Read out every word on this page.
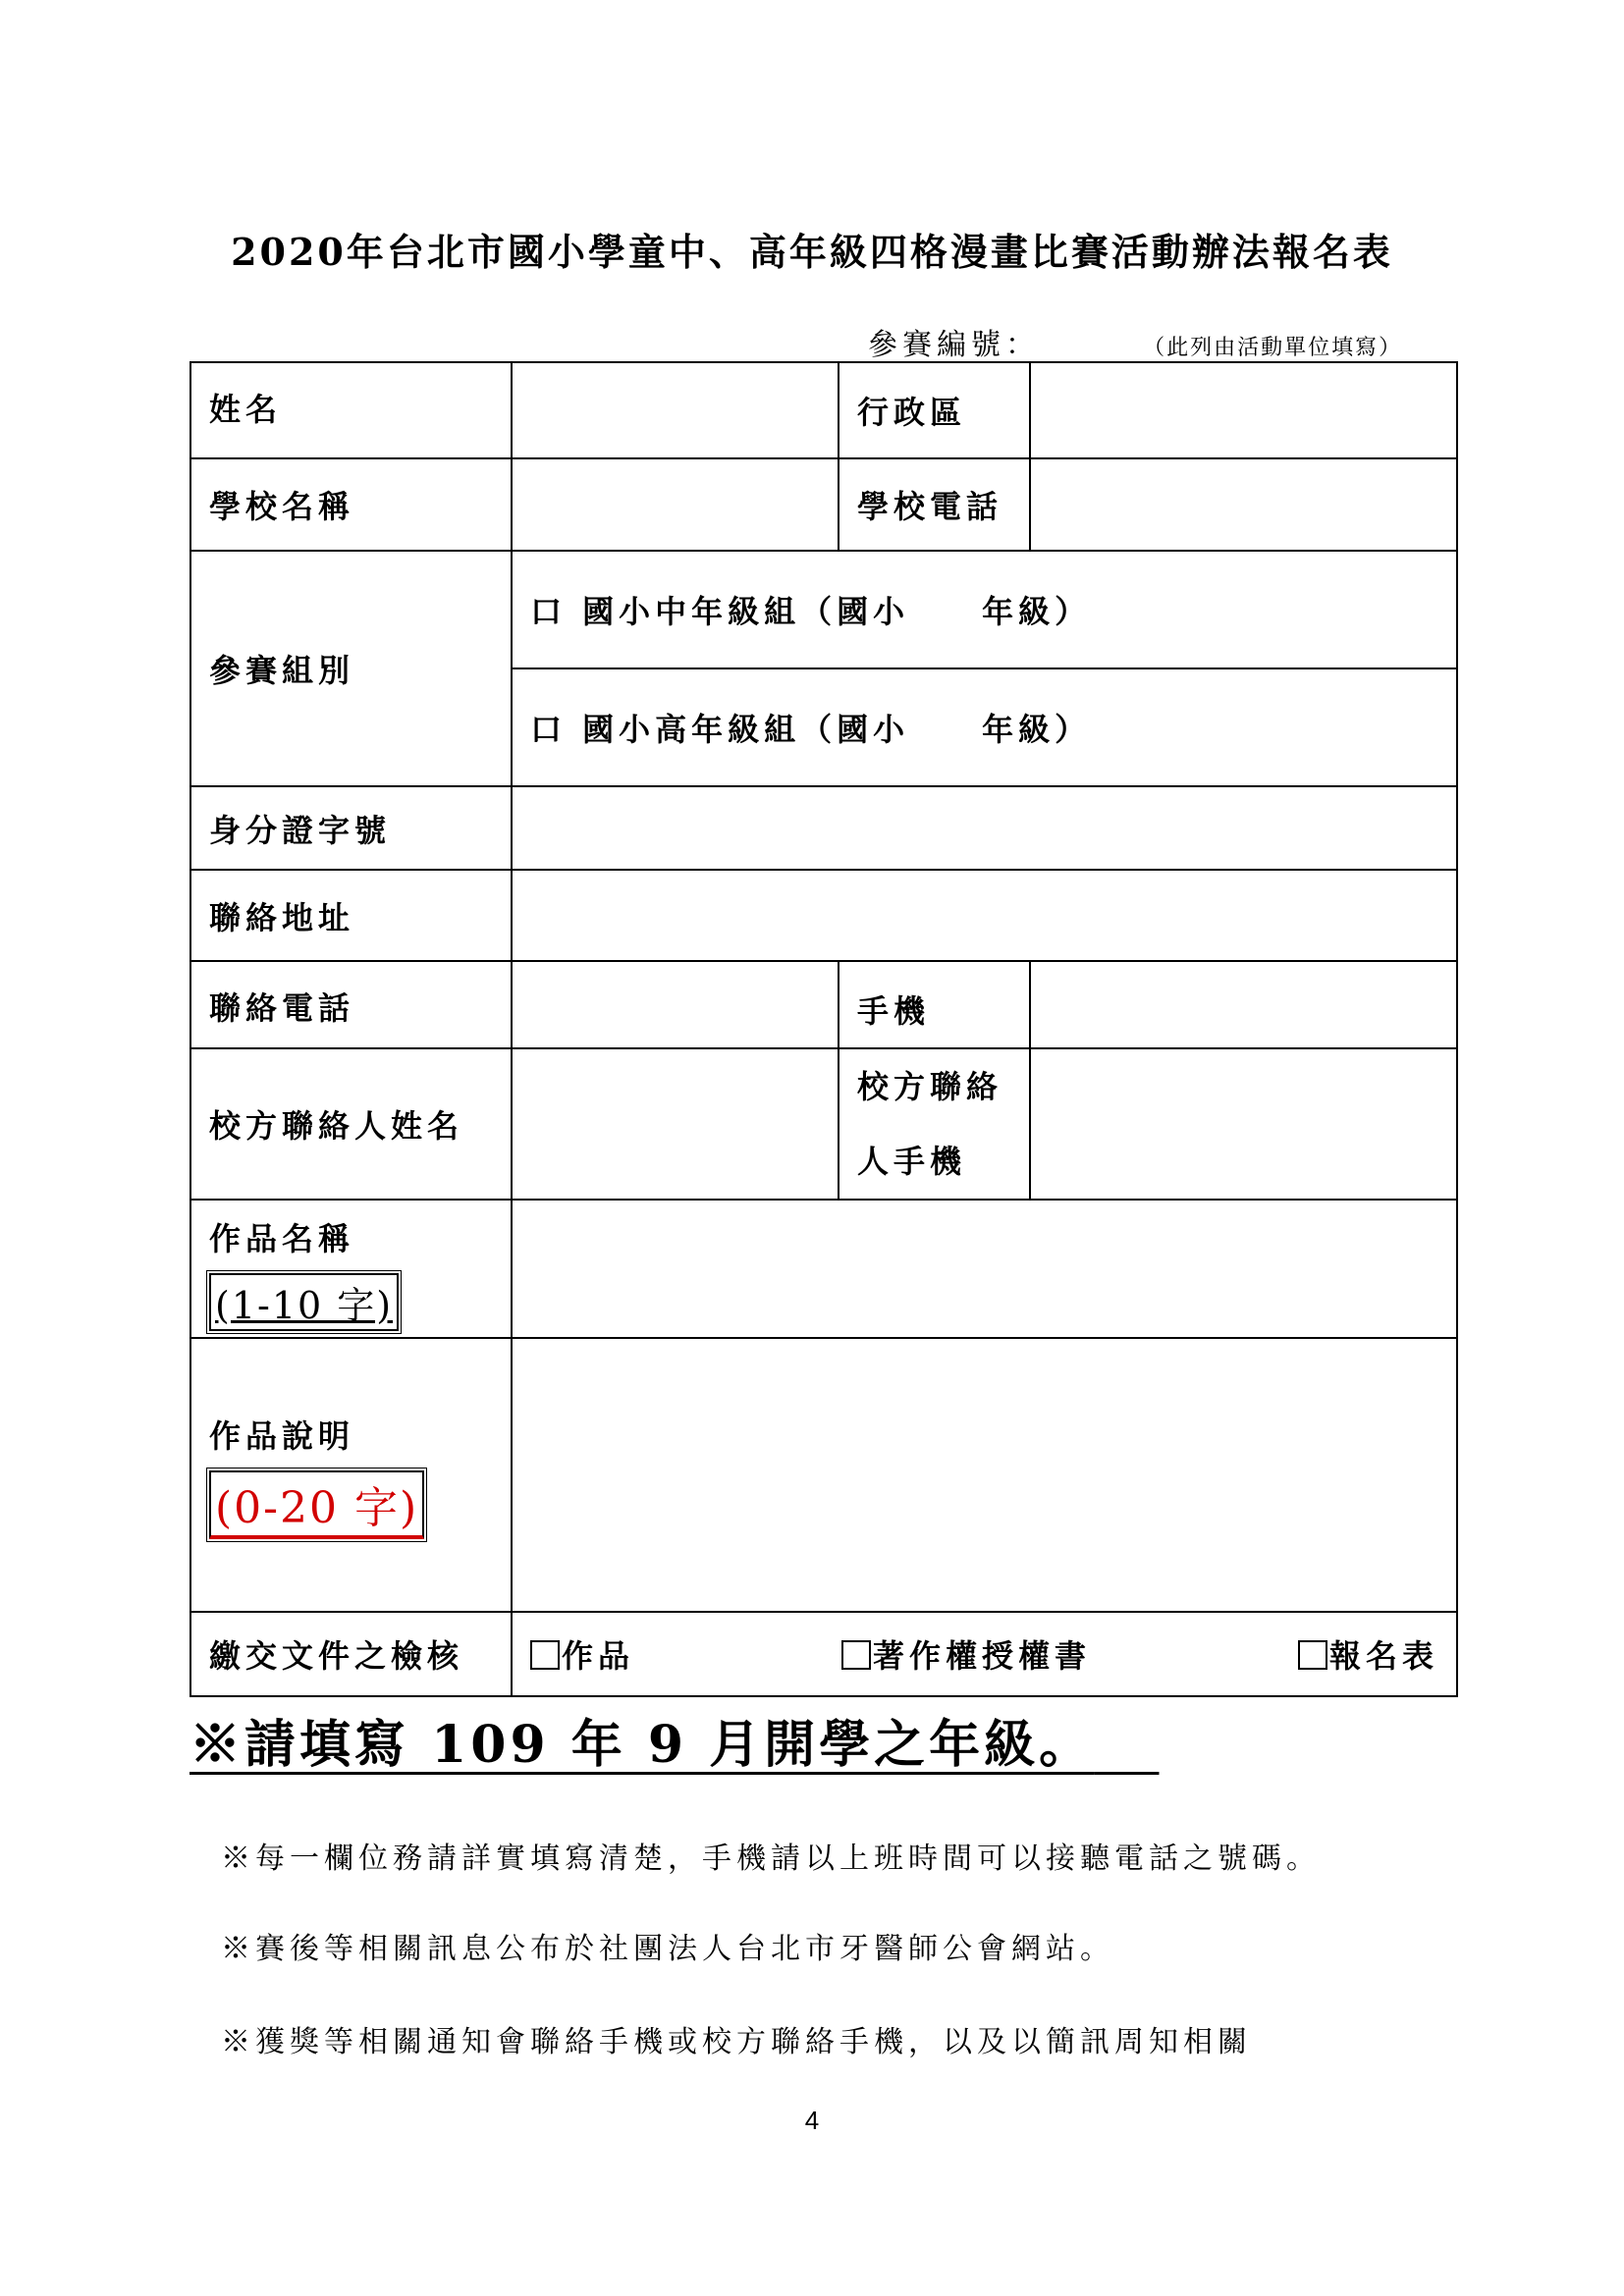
2020年台北市國小學童中、高年級四格漫畫比賽活動辦法報名表
參賽編號：	（此列由活動單位填寫）
姓名		行政區	
學校名稱		學校電話	
參賽組別	口 國小中年級組（國小　　年級）		
	口 國小高年級組（國小　　年級）		
身分證字號			
聯絡地址			
聯絡電話		手機	
校方聯絡人姓名		校方聯絡
人手機	

作品名稱
(1-10 字)			

作品說明
(0-20 字)			
繳交文件之檢核	作品 著作權授權書 報名表		
※請填寫 109 年 9 月開學之年級。
※每一欄位務請詳實填寫清楚，手機請以上班時間可以接聽電話之號碼。
※賽後等相關訊息公布於社團法人台北市牙醫師公會網站。
※獲獎等相關通知會聯絡手機或校方聯絡手機，以及以簡訊周知相關
4
